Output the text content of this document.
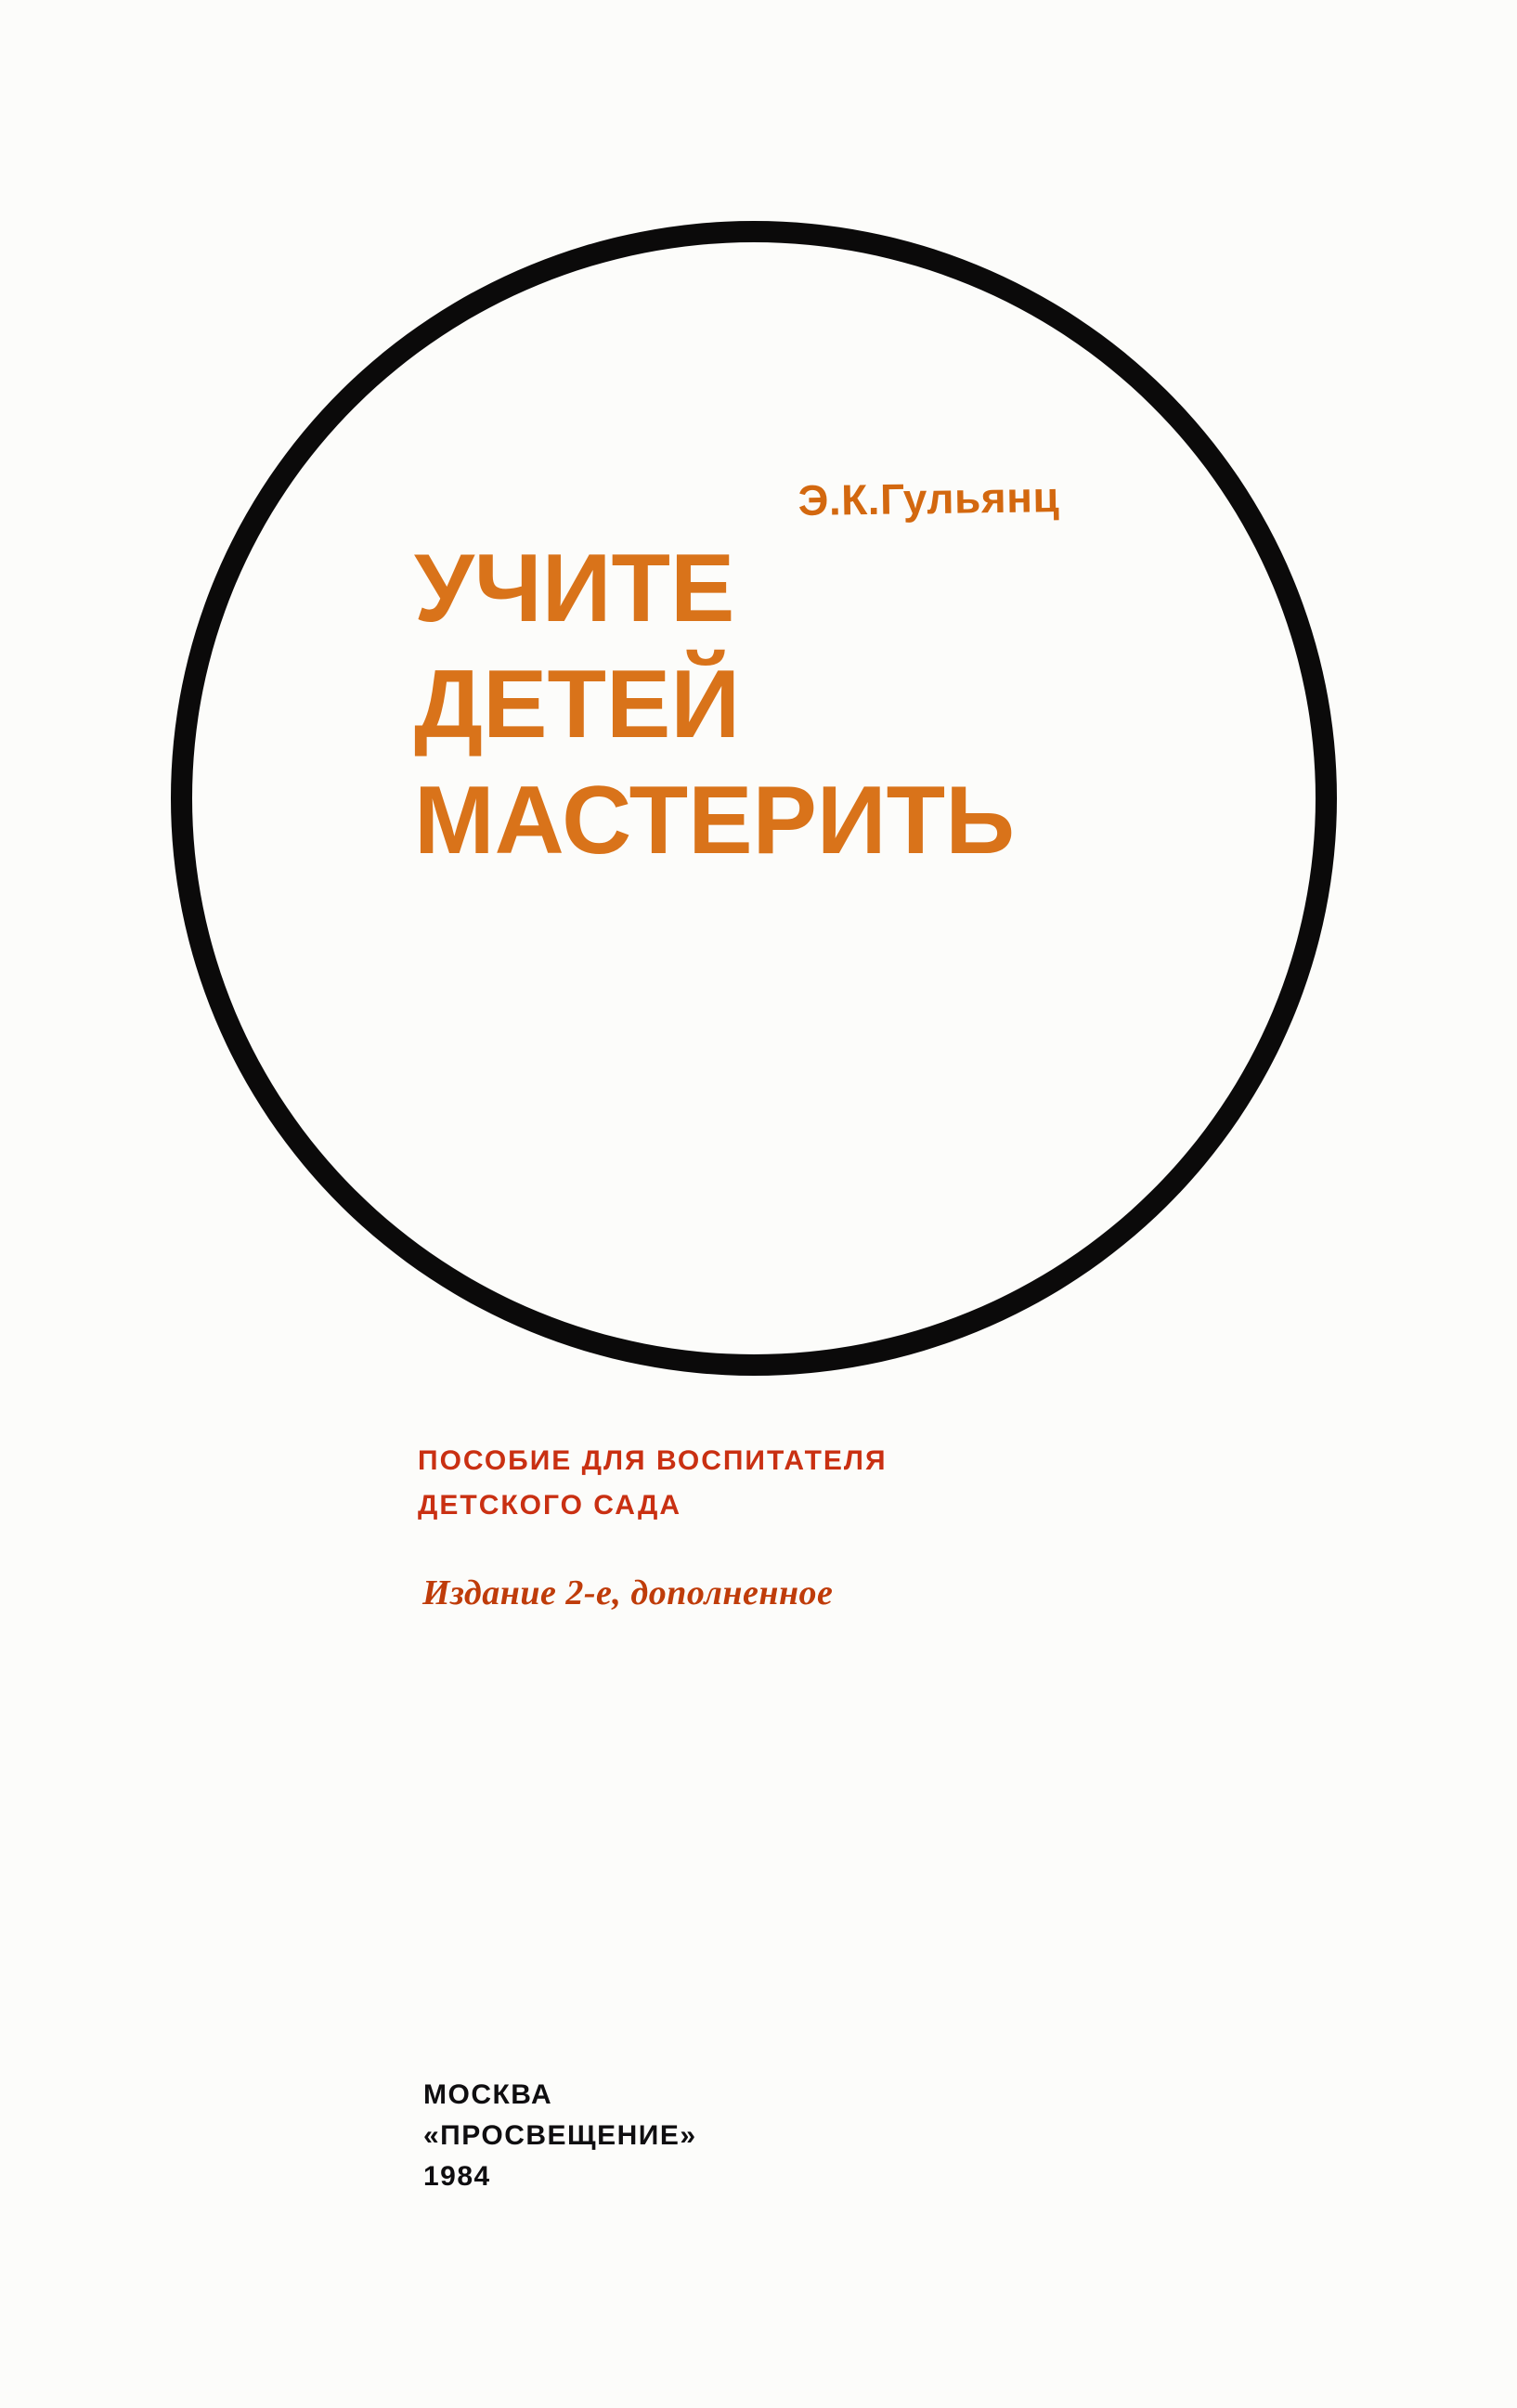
Э.К.Гульянц
УЧИТЕ
ДЕТЕЙ
МАСТЕРИТЬ
ПОСОБИЕ ДЛЯ ВОСПИТАТЕЛЯ
ДЕТСКОГО САДА
Издание 2-е, дополненное
МОСКВА
«ПРОСВЕЩЕНИЕ»
1984
